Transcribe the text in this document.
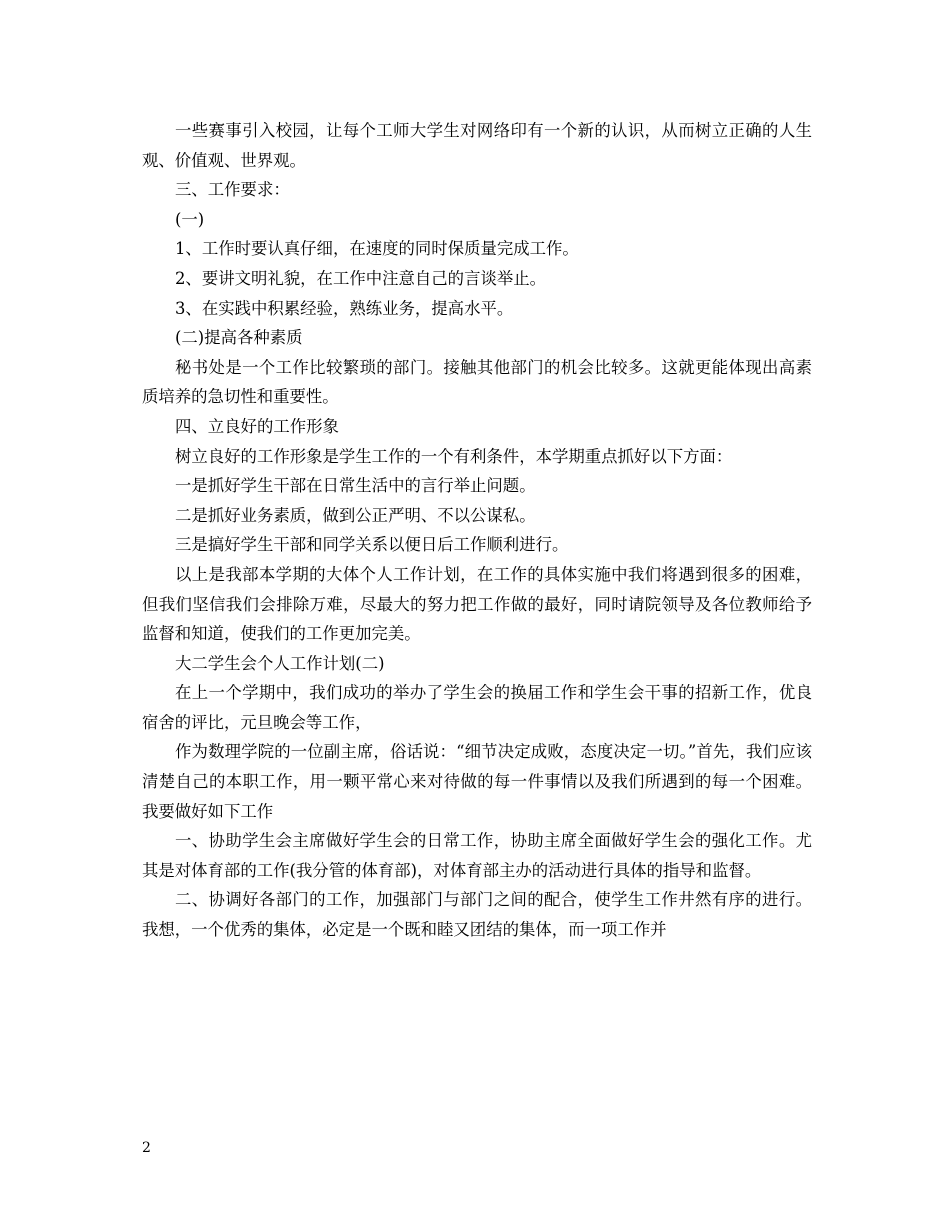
一些赛事引入校园，让每个工师大学生对网络印有一个新的认识，从而树立正确的人生观、价值观、世界观。

三、工作要求：

(一)

1、工作时要认真仔细，在速度的同时保质量完成工作。

2、要讲文明礼貌，在工作中注意自己的言谈举止。

3、在实践中积累经验，熟练业务，提高水平。

(二)提高各种素质

秘书处是一个工作比较繁琐的部门。接触其他部门的机会比较多。这就更能体现出高素质培养的急切性和重要性。

四、立良好的工作形象

树立良好的工作形象是学生工作的一个有利条件，本学期重点抓好以下方面：

一是抓好学生干部在日常生活中的言行举止问题。

二是抓好业务素质，做到公正严明、不以公谋私。

三是搞好学生干部和同学关系以便日后工作顺利进行。

以上是我部本学期的大体个人工作计划，在工作的具体实施中我们将遇到很多的困难，但我们坚信我们会排除万难，尽最大的努力把工作做的最好，同时请院领导及各位教师给予监督和知道，使我们的工作更加完美。

大二学生会个人工作计划(二)

在上一个学期中，我们成功的举办了学生会的换届工作和学生会干事的招新工作，优良宿舍的评比，元旦晚会等工作，

作为数理学院的一位副主席，俗话说：“细节决定成败，态度决定一切。”首先，我们应该清楚自己的本职工作，用一颗平常心来对待做的每一件事情以及我们所遇到的每一个困难。我要做好如下工作

一、协助学生会主席做好学生会的日常工作，协助主席全面做好学生会的强化工作。尤其是对体育部的工作(我分管的体育部)，对体育部主办的活动进行具体的指导和监督。

二、协调好各部门的工作，加强部门与部门之间的配合，使学生工作井然有序的进行。我想，一个优秀的集体，必定是一个既和睦又团结的集体，而一项工作并

2
